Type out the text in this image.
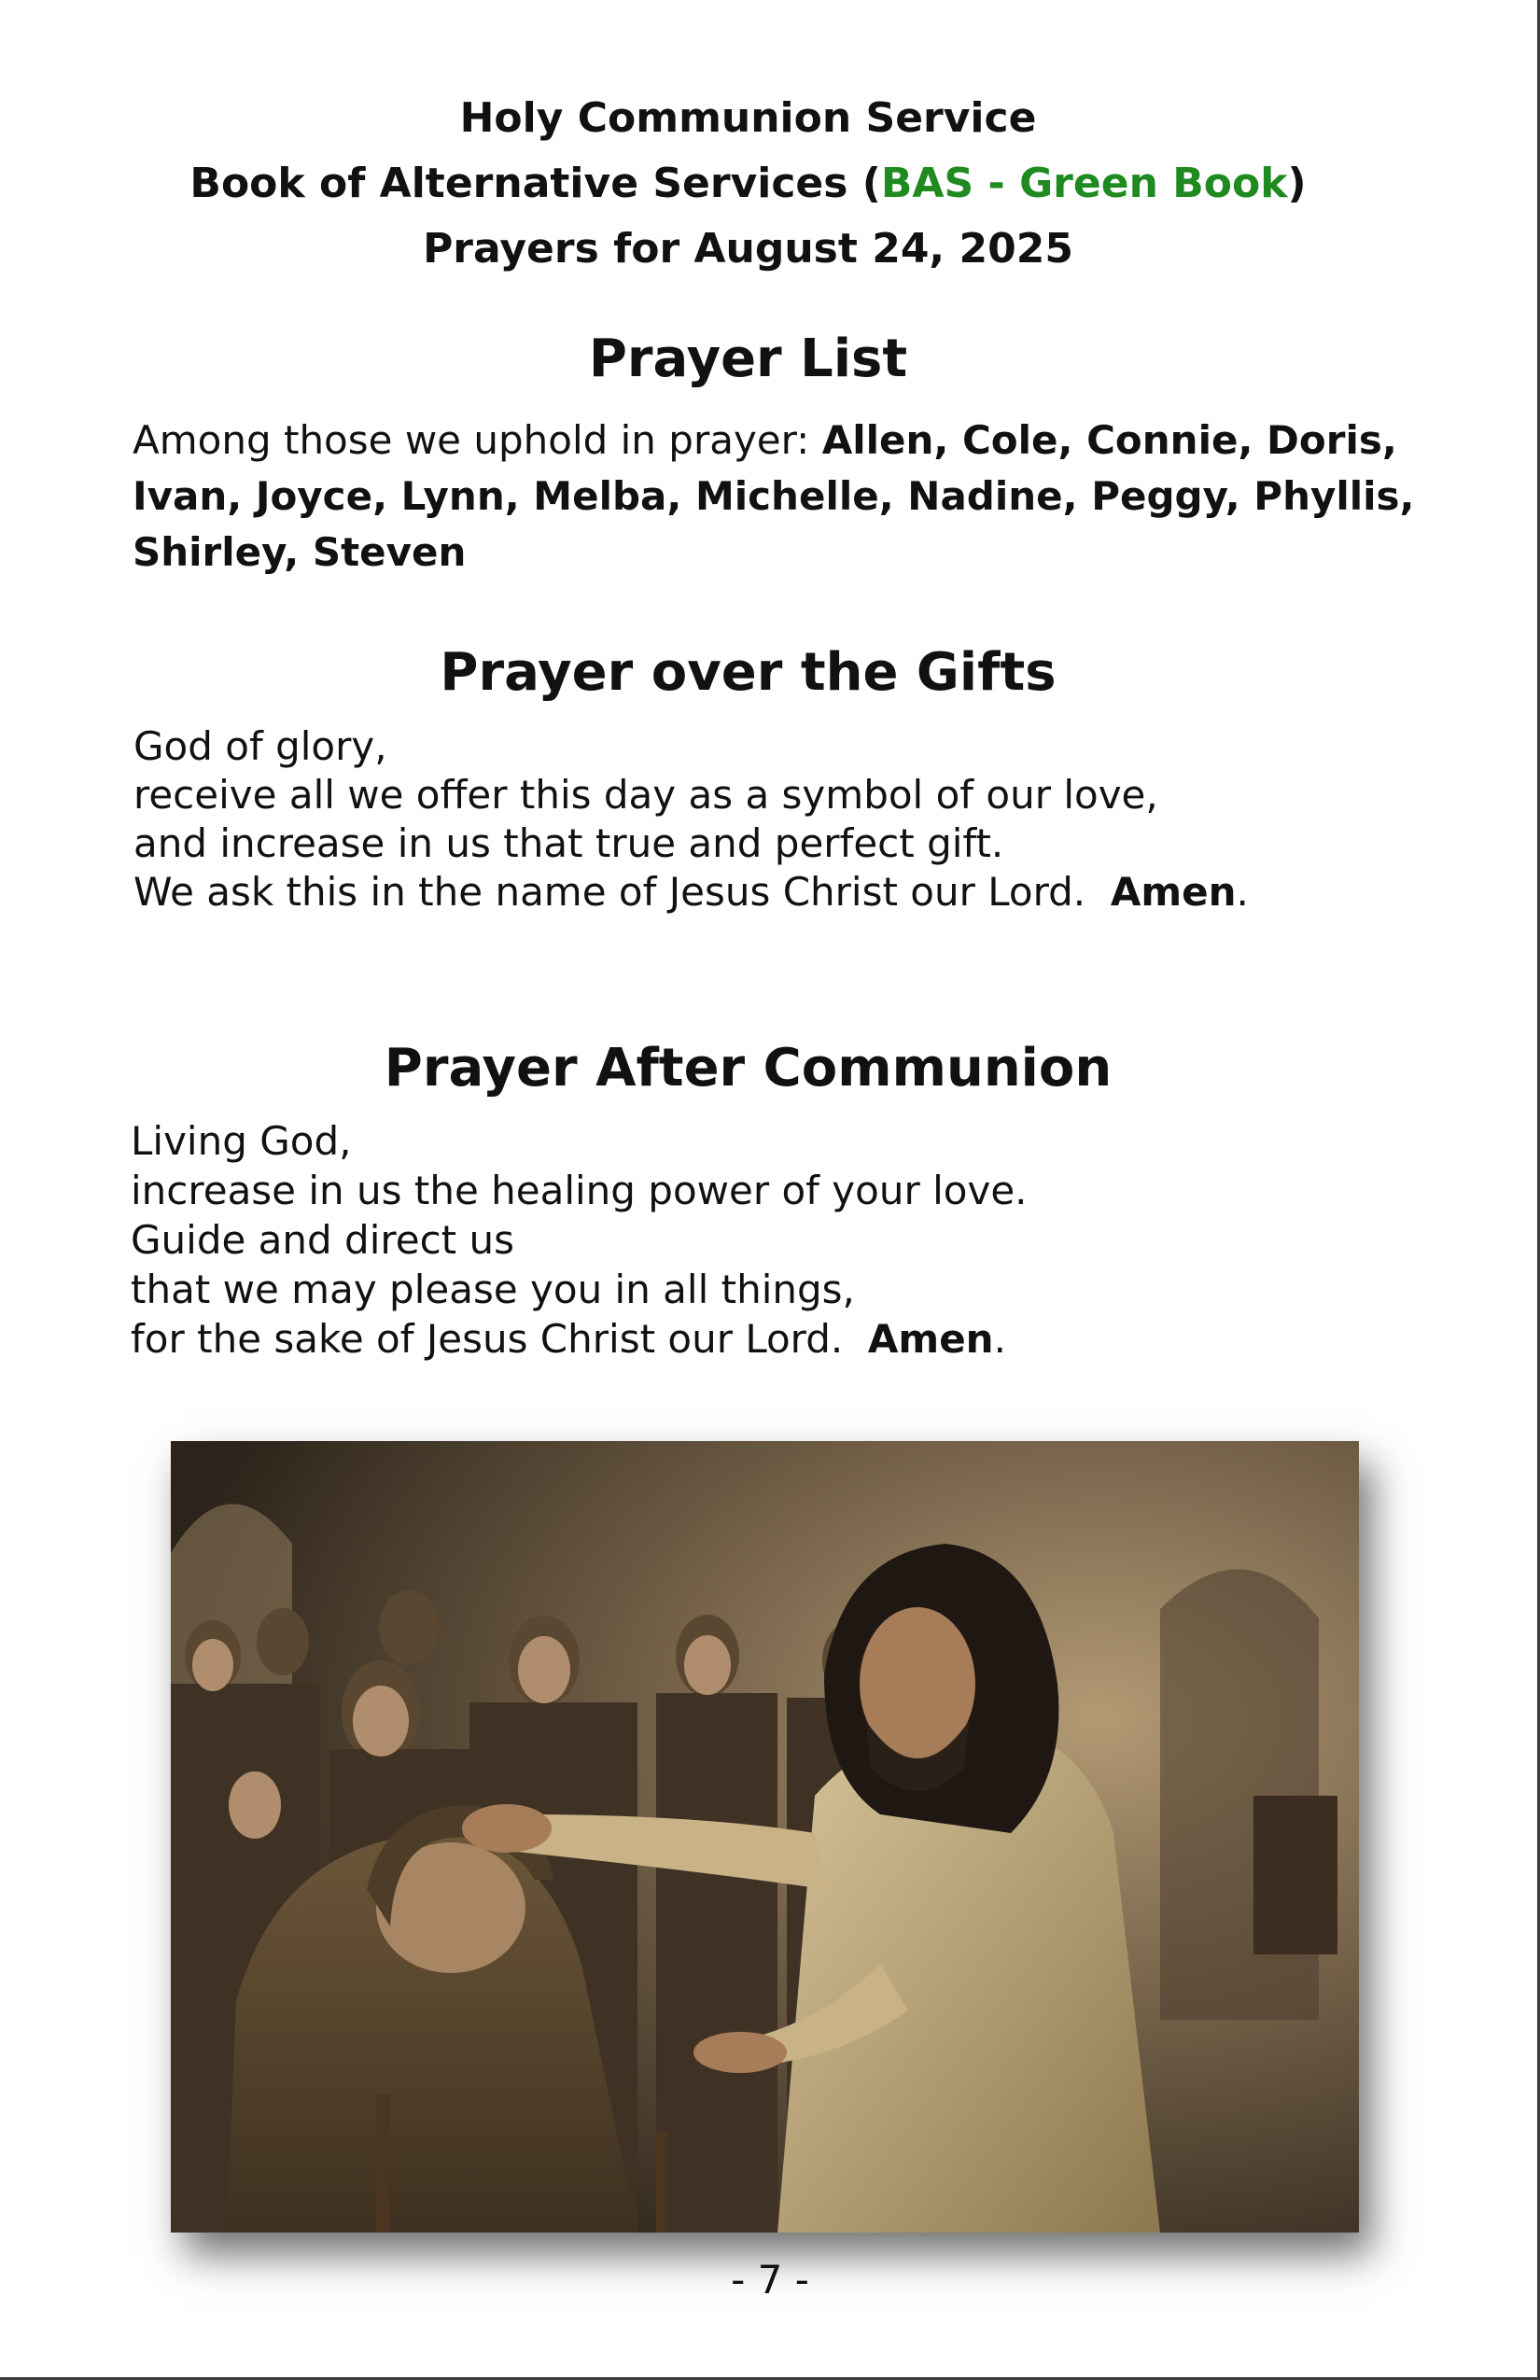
Holy Communion Service
Book of Alternative Services (BAS - Green Book)
Prayers for August 24, 2025
Prayer List
Among those we uphold in prayer: Allen, Cole, Connie, Doris,
Ivan, Joyce, Lynn, Melba, Michelle, Nadine, Peggy, Phyllis,
Shirley, Steven
Prayer over the Gifts
God of glory,
receive all we offer this day as a symbol of our love,
and increase in us that true and perfect gift.
We ask this in the name of Jesus Christ our Lord. Amen.
Prayer After Communion
Living God,
increase in us the healing power of your love.
Guide and direct us
that we may please you in all things,
for the sake of Jesus Christ our Lord. Amen.
- 7 -
